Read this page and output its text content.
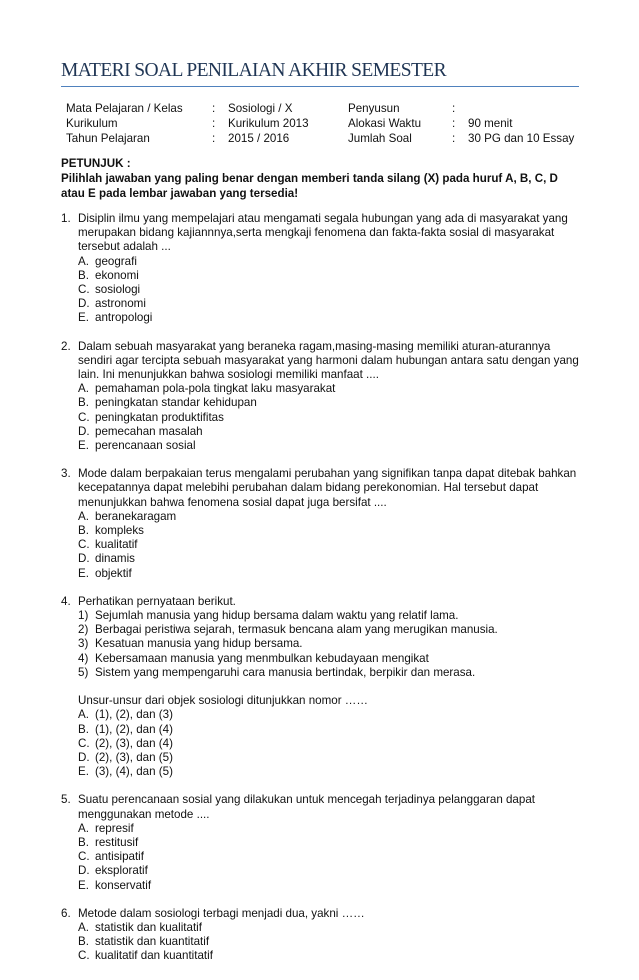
MATERI SOAL PENILAIAN AKHIR SEMESTER
Mata Pelajaran / Kelas	: Sosiologi / X	Penyusun	:
Kurikulum	: Kurikulum 2013	Alokasi Waktu	: 90 menit
Tahun Pelajaran	: 2015 / 2016	Jumlah Soal	: 30 PG dan 10 Essay
PETUNJUK :
Pilihlah jawaban yang paling benar dengan memberi tanda silang (X) pada huruf A, B, C, D
atau E pada lembar jawaban yang tersedia!
1. Disiplin ilmu yang mempelajari atau mengamati segala hubungan yang ada di masyarakat yang merupakan bidang kajiannnya,serta mengkaji fenomena dan fakta-fakta sosial di masyarakat tersebut adalah ...
A. geografi
B. ekonomi
C. sosiologi
D. astronomi
E. antropologi
2. Dalam sebuah masyarakat yang beraneka ragam,masing-masing memiliki aturan-aturannya sendiri agar tercipta sebuah masyarakat yang harmoni dalam hubungan antara satu dengan yang lain. Ini menunjukkan bahwa sosiologi memiliki manfaat ....
A. pemahaman pola-pola tingkat laku masyarakat
B. peningkatan standar kehidupan
C. peningkatan produktifitas
D. pemecahan masalah
E. perencanaan sosial
3. Mode dalam berpakaian terus mengalami perubahan yang signifikan tanpa dapat ditebak bahkan kecepatannya dapat melebihi perubahan dalam bidang perekonomian. Hal tersebut dapat menunjukkan bahwa fenomena sosial dapat juga bersifat ....
A. beranekaragam
B. kompleks
C. kualitatif
D. dinamis
E. objektif
4. Perhatikan pernyataan berikut.
1) Sejumlah manusia yang hidup bersama dalam waktu yang relatif lama.
2) Berbagai peristiwa sejarah, termasuk bencana alam yang merugikan manusia.
3) Kesatuan manusia yang hidup bersama.
4) Kebersamaan manusia yang menmbulkan kebudayaan mengikat
5) Sistem yang mempengaruhi cara manusia bertindak, berpikir dan merasa.
Unsur-unsur dari objek sosiologi ditunjukkan nomor ……
A. (1), (2), dan (3)
B. (1), (2), dan (4)
C. (2), (3), dan (4)
D. (2), (3), dan (5)
E. (3), (4), dan (5)
5. Suatu perencanaan sosial yang dilakukan untuk mencegah terjadinya pelanggaran dapat menggunakan metode ....
A. represif
B. restitusif
C. antisipatif
D. eksploratif
E. konservatif
6. Metode dalam sosiologi terbagi menjadi dua, yakni ……
A. statistik dan kualitatif
B. statistik dan kuantitatif
C. kualitatif dan kuantitatif
